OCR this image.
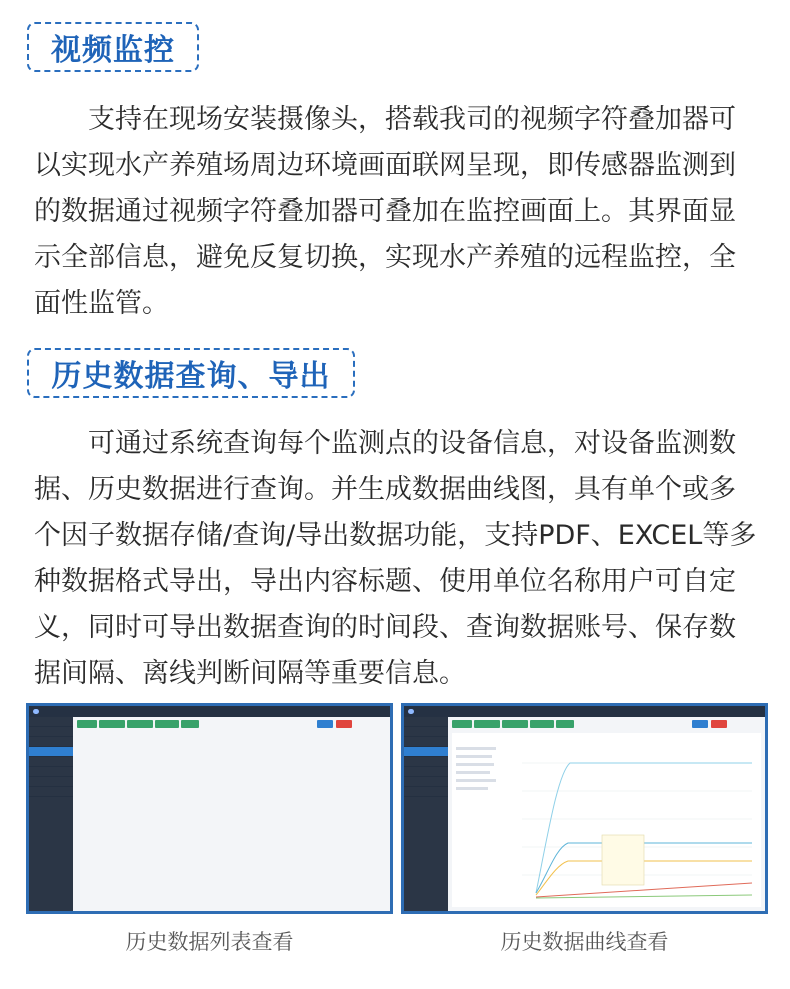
视频监控

支持在现场安装摄像头，搭载我司的视频字符叠加器可以实现水产养殖场周边环境画面联网呈现，即传感器监测到的数据通过视频字符叠加器可叠加在监控画面上。其界面显示全部信息，避免反复切换，实现水产养殖的远程监控，全面性监管。

历史数据查询、导出

可通过系统查询每个监测点的设备信息，对设备监测数据、历史数据进行查询。并生成数据曲线图，具有单个或多个因子数据存储/查询/导出数据功能，支持PDF、EXCEL等多种数据格式导出，导出内容标题、使用单位名称用户可自定义，同时可导出数据查询的时间段、查询数据账号、保存数据间隔、离线判断间隔等重要信息。

历史数据列表查看	历史数据曲线查看
